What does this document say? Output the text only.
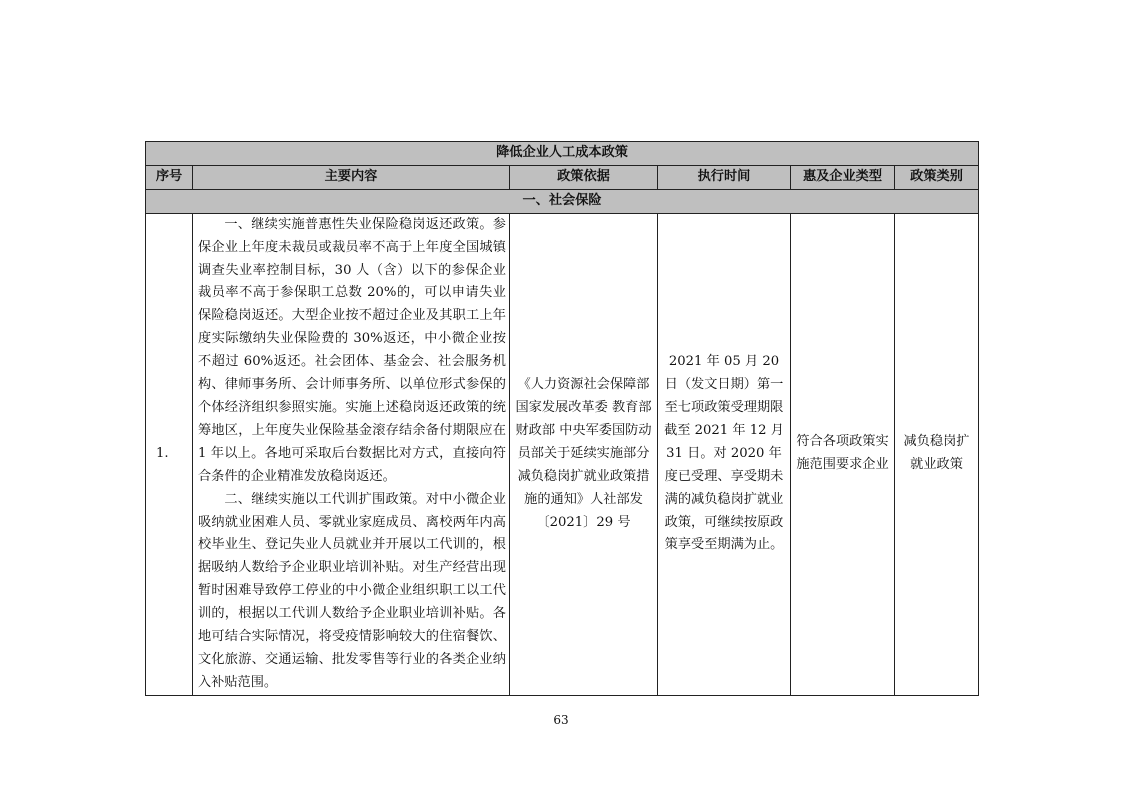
降低企业人工成本政策					
序号	主要内容	政策依据	执行时间	惠及企业类型	政策类别
一、社会保险					
1.	一、继续实施普惠性失业保险稳岗返还政策。参保企业上年度未裁员或裁员率不高于上年度全国城镇调查失业率控制目标，30 人（含）以下的参保企业裁员率不高于参保职工总数 20%的，可以申请失业保险稳岗返还。大型企业按不超过企业及其职工上年度实际缴纳失业保险费的 30%返还，中小微企业按不超过 60%返还。社会团体、基金会、社会服务机构、律师事务所、会计师事务所、以单位形式参保的个体经济组织参照实施。实施上述稳岗返还政策的统筹地区，上年度失业保险基金滚存结余备付期限应在 1 年以上。各地可采取后台数据比对方式，直接向符合条件的企业精准发放稳岗返还。

二、继续实施以工代训扩围政策。对中小微企业吸纳就业困难人员、零就业家庭成员、离校两年内高校毕业生、登记失业人员就业并开展以工代训的，根据吸纳人数给予企业职业培训补贴。对生产经营出现暂时困难导致停工停业的中小微企业组织职工以工代训的，根据以工代训人数给予企业职业培训补贴。各地可结合实际情况，将受疫情影响较大的住宿餐饮、文化旅游、交通运输、批发零售等行业的各类企业纳入补贴范围。	《人力资源社会保障部 国家发展改革委 教育部 财政部 中央军委国防动员部关于延续实施部分减负稳岗扩就业政策措施的通知》人社部发〔2021〕29 号	2021 年 05 月 20 日（发文日期）第一至七项政策受理期限截至 2021 年 12 月 31 日。对 2020 年度已受理、享受期未满的减负稳岗扩就业政策，可继续按原政策享受至期满为止。	符合各项政策实施范围要求企业	减负稳岗扩就业政策
63
